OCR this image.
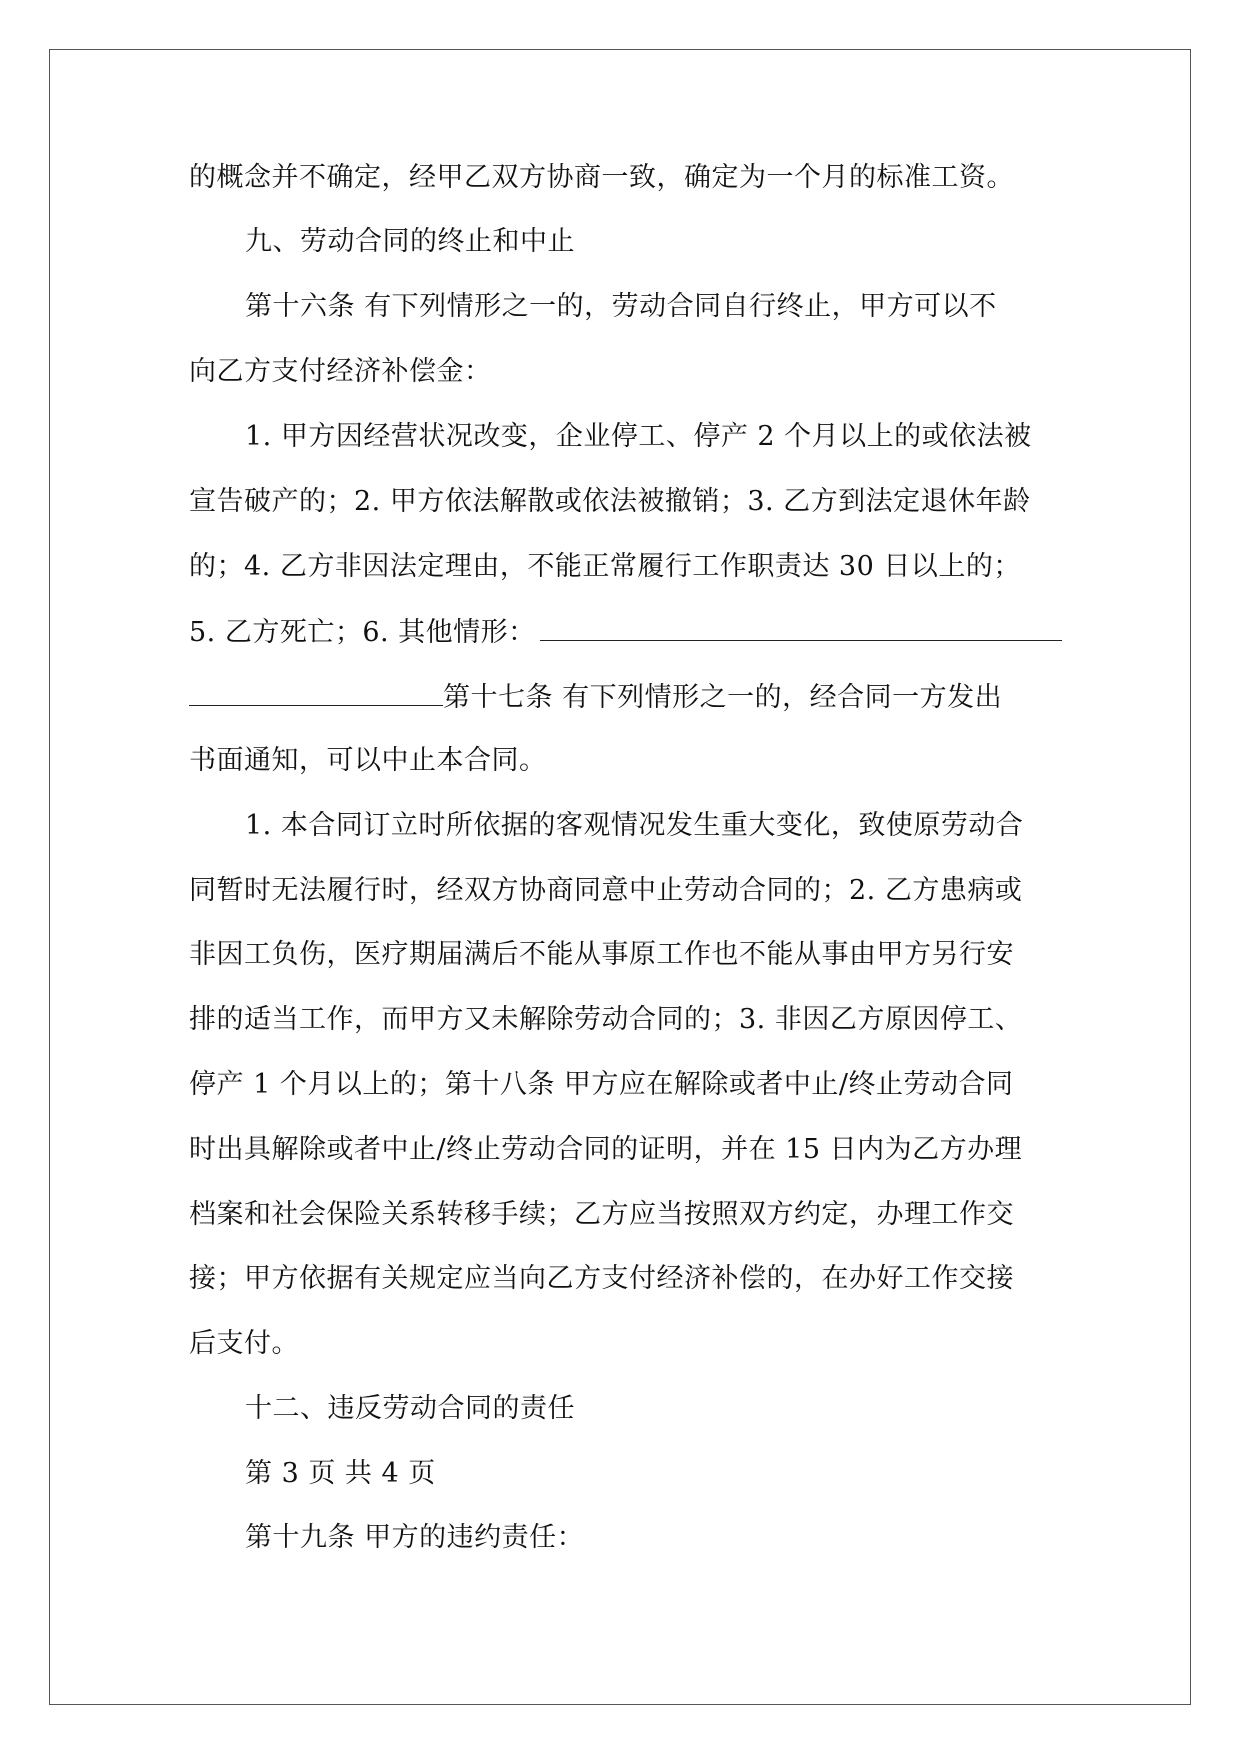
的概念并不确定，经甲乙双方协商一致，确定为一个月的标准工资。
九、劳动合同的终止和中止
第十六条 有下列情形之一的，劳动合同自行终止，甲方可以不
向乙方支付经济补偿金：
1. 甲方因经营状况改变，企业停工、停产 2 个月以上的或依法被
宣告破产的；2. 甲方依法解散或依法被撤销；3. 乙方到法定退休年龄
的；4. 乙方非因法定理由，不能正常履行工作职责达 30 日以上的；
5. 乙方死亡；6. 其他情形：
第十七条 有下列情形之一的，经合同一方发出
书面通知，可以中止本合同。
1. 本合同订立时所依据的客观情况发生重大变化，致使原劳动合
同暂时无法履行时，经双方协商同意中止劳动合同的；2. 乙方患病或
非因工负伤，医疗期届满后不能从事原工作也不能从事由甲方另行安
排的适当工作，而甲方又未解除劳动合同的；3. 非因乙方原因停工、
停产 1 个月以上的；第十八条 甲方应在解除或者中止/终止劳动合同
时出具解除或者中止/终止劳动合同的证明，并在 15 日内为乙方办理
档案和社会保险关系转移手续；乙方应当按照双方约定，办理工作交
接；甲方依据有关规定应当向乙方支付经济补偿的，在办好工作交接
后支付。
十二、违反劳动合同的责任
第 3 页 共 4 页
第十九条 甲方的违约责任：
